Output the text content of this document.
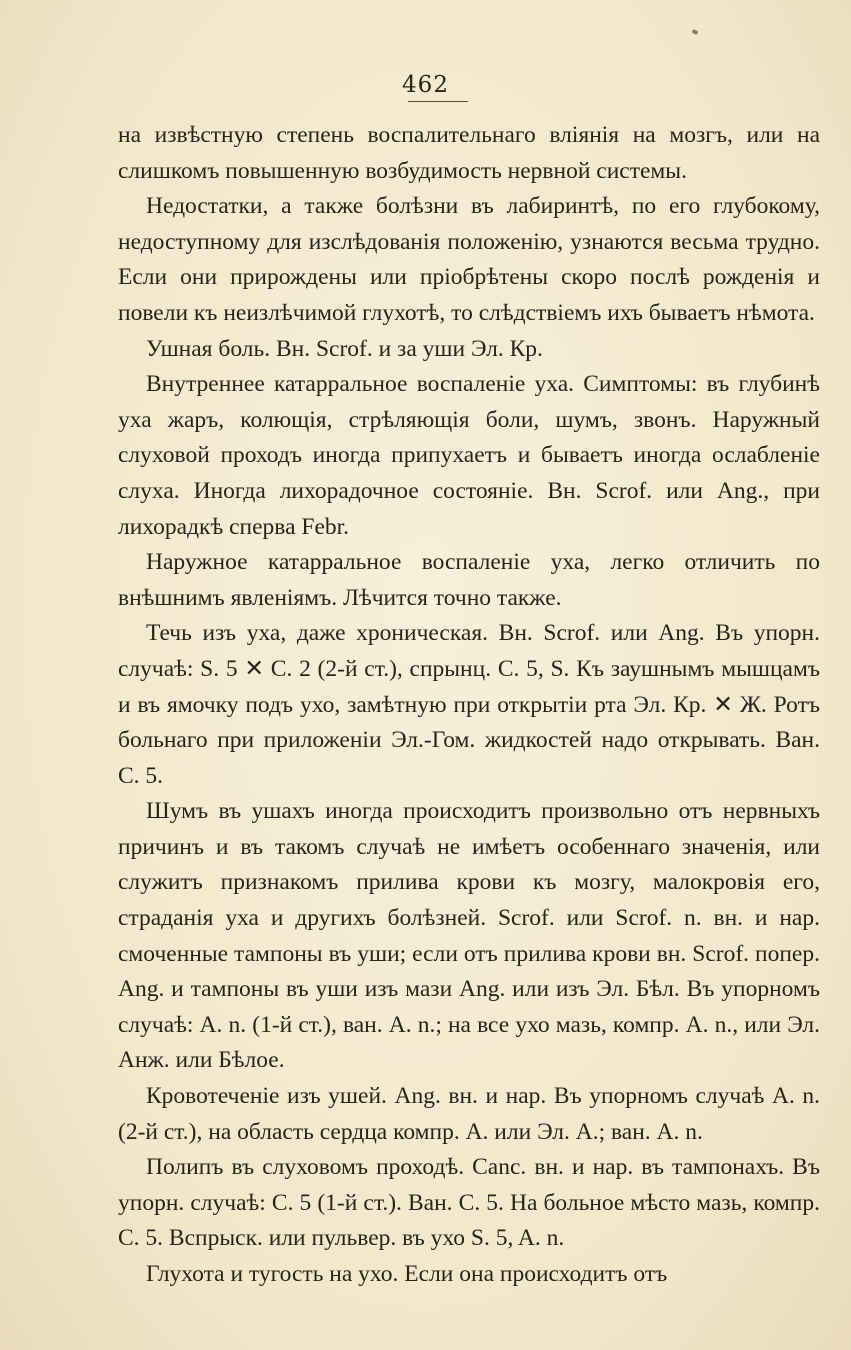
462

на извѣстную степень воспалительнаго вліянія на мозгъ, или на слишкомъ повышенную возбудимость нервной системы.

Недостатки, а также болѣзни въ лабиринтѣ, по его глубокому, недоступному для изслѣдованія положенію, узнаются весьма трудно. Если они прирождены или пріобрѣтены скоро послѣ рожденія и повели къ неизлѣчимой глухотѣ, то слѣдствіемъ ихъ бываетъ нѣмота.

Ушная боль. Вн. Scrof. и за уши Эл. Кр.

Внутреннее катарральное воспаленіе уха. Симптомы: въ глубинѣ уха жаръ, колющія, стрѣляющія боли, шумъ, звонъ. Наружный слуховой проходъ иногда припухаетъ и бываетъ иногда ослабленіе слуха. Иногда лихорадочное состояніе. Вн. Scrof. или Ang., при лихорадкѣ сперва Febr.

Наружное катарральное воспаленіе уха, легко отличить по внѣшнимъ явленіямъ. Лѣчится точно также.

Течь изъ уха, даже хроническая. Вн. Scrof. или Ang. Въ упорн. случаѣ: S. 5 ✕ C. 2 (2-й ст.), спрынц. C. 5, S. Къ заушнымъ мышцамъ и въ ямочку подъ ухо, замѣтную при открытіи рта Эл. Кр. ✕ Ж. Ротъ больнаго при приложеніи Эл.-Гом. жидкостей надо открывать. Ван. C. 5.

Шумъ въ ушахъ иногда происходитъ произвольно отъ нервныхъ причинъ и въ такомъ случаѣ не имѣетъ особеннаго значенія, или служитъ признакомъ прилива крови къ мозгу, малокровія его, страданія уха и другихъ болѣзней. Scrof. или Scrof. n. вн. и нар. смоченные тампоны въ уши; если отъ прилива крови вн. Scrof. попер. Ang. и тампоны въ уши изъ мази Ang. или изъ Эл. Бѣл. Въ упорномъ случаѣ: A. n. (1-й ст.), ван. A. n.; на все ухо мазь, компр. A. n., или Эл. Анж. или Бѣлое.

Кровотеченіе изъ ушей. Ang. вн. и нар. Въ упорномъ случаѣ A. n. (2-й ст.), на область сердца компр. A. или Эл. A.; ван. A. n.

Полипъ въ слуховомъ проходѣ. Canc. вн. и нар. въ тампонахъ. Въ упорн. случаѣ: C. 5 (1-й ст.). Ван. C. 5. На больное мѣсто мазь, компр. C. 5. Вспрыск. или пульвер. въ ухо S. 5, A. n.

Глухота и тугость на ухо. Если она происходитъ отъ
